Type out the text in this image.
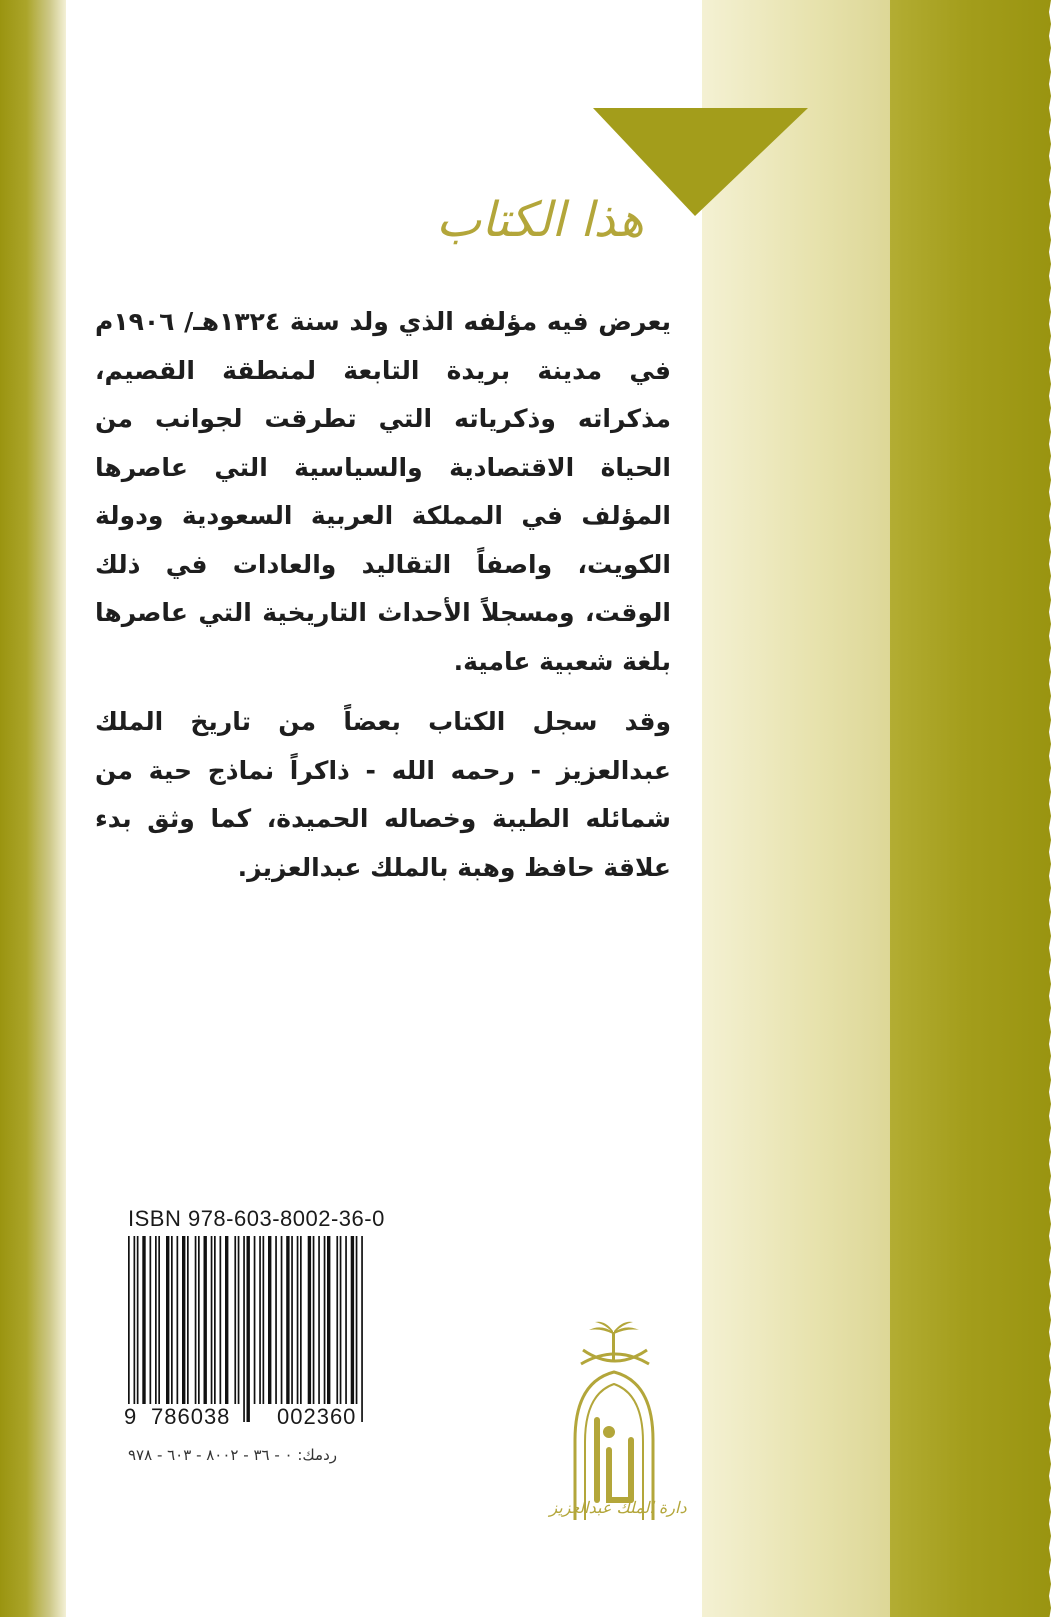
هذا الكتاب

يعرض فيه مؤلفه الذي ولد سنة ١٣٢٤هـ/ ١٩٠٦م في مدينة بريدة التابعة لمنطقة القصيم، مذكراته وذكرياته التي تطرقت لجوانب من الحياة الاقتصادية والسياسية التي عاصرها المؤلف في المملكة العربية السعودية ودولة الكويت، واصفاً التقاليد والعادات في ذلك الوقت، ومسجلاً الأحداث التاريخية التي عاصرها بلغة شعبية عامية.

وقد سجل الكتاب بعضاً من تاريخ الملك عبدالعزيز - رحمه الله - ذاكراً نماذج حية من شمائله الطيبة وخصاله الحميدة، كما وثق بدء علاقة حافظ وهبة بالملك عبدالعزيز.

ISBN 978-603-8002-36-0
9 786038 002360
ردمك: ٠ - ٣٦ - ٨٠٠٢ - ٦٠٣ - ٩٧٨
دارة الملك عبدالعزيز
